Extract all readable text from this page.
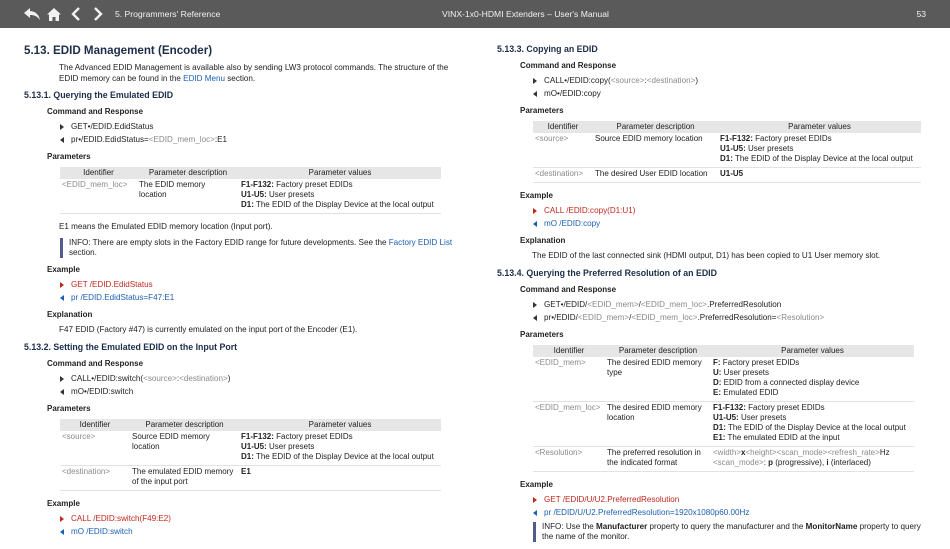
5. Programmers' Reference	VINX-1x0-HDMI Extenders – User's Manual	53
5.13. EDID Management (Encoder)

The Advanced EDID Management is available also by sending LW3 protocol commands. The structure of the EDID memory can be found in the EDID Menu section.

5.13.1. Querying the Emulated EDID
Command and Response
GET•/EDID.EdidStatus
pr•/EDID.EdidStatus= <EDID_mem_loc> :E1
Parameters
Identifier	Parameter description	Parameter values
<EDID_mem_loc>	The EDID memory location	F1-F132: Factory preset EDIDs
U1-U5: User presets
D1: The EDID of the Display Device at the local output

E1 means the Emulated EDID memory location (Input port).

INFO: There are empty slots in the Factory EDID range for future developments. See the Factory EDID List section.
Example
GET /EDID.EdidStatus
pr /EDID.EdidStatus=F47:E1
Explanation

F47 EDID (Factory #47) is currently emulated on the input port of the Encoder (E1).

5.13.2. Setting the Emulated EDID on the Input Port
Command and Response
CALL•/EDID:switch( <source> : <destination> )
mO•/EDID:switch
Parameters
Identifier	Parameter description	Parameter values
<source>	Source EDID memory location	F1-F132: Factory preset EDIDs
U1-U5: User presets
D1: The EDID of the Display Device at the local output
<destination>	The emulated EDID memory of the input port	E1
Example
CALL /EDID:switch(F49:E2)
mO /EDID:switch
5.13.3. Copying an EDID
Command and Response
CALL•/EDID:copy( <source> : <destination> )
mO•/EDID:copy
Parameters
Identifier	Parameter description	Parameter values
<source>	Source EDID memory location	F1-F132: Factory preset EDIDs
U1-U5: User presets
D1: The EDID of the Display Device at the local output
<destination>	The desired User EDID location	U1-U5
Example
CALL /EDID:copy(D1:U1)
mO /EDID:copy
Explanation

The EDID of the last connected sink (HDMI output, D1) has been copied to U1 User memory slot.

5.13.4. Querying the Preferred Resolution of an EDID
Command and Response
GET•/EDID/ <EDID_mem> / <EDID_mem_loc> .PreferredResolution
pr•/EDID/ <EDID_mem> / <EDID_mem_loc> .PreferredResolution= <Resolution>
Parameters
Identifier	Parameter description	Parameter values
<EDID_mem>	The desired EDID memory type	F: Factory preset EDIDs
U: User presets
D: EDID from a connected display device
E: Emulated EDID
<EDID_mem_loc>	The desired EDID memory location	F1-F132: Factory preset EDIDs
U1-U5: User presets
D1: The EDID of the Display Device at the local output
E1: The emulated EDID at the input
<Resolution>	The preferred resolution in the indicated format	<width>x<height><scan_mode><refresh_rate>Hz
<scan_mode>: p (progressive), i (interlaced)
Example
GET /EDID/U/U2.PreferredResolution
pr /EDID/U/U2.PreferredResolution=1920x1080p60.00Hz
INFO: Use the Manufacturer property to query the manufacturer and the MonitorName property to query the name of the monitor.
